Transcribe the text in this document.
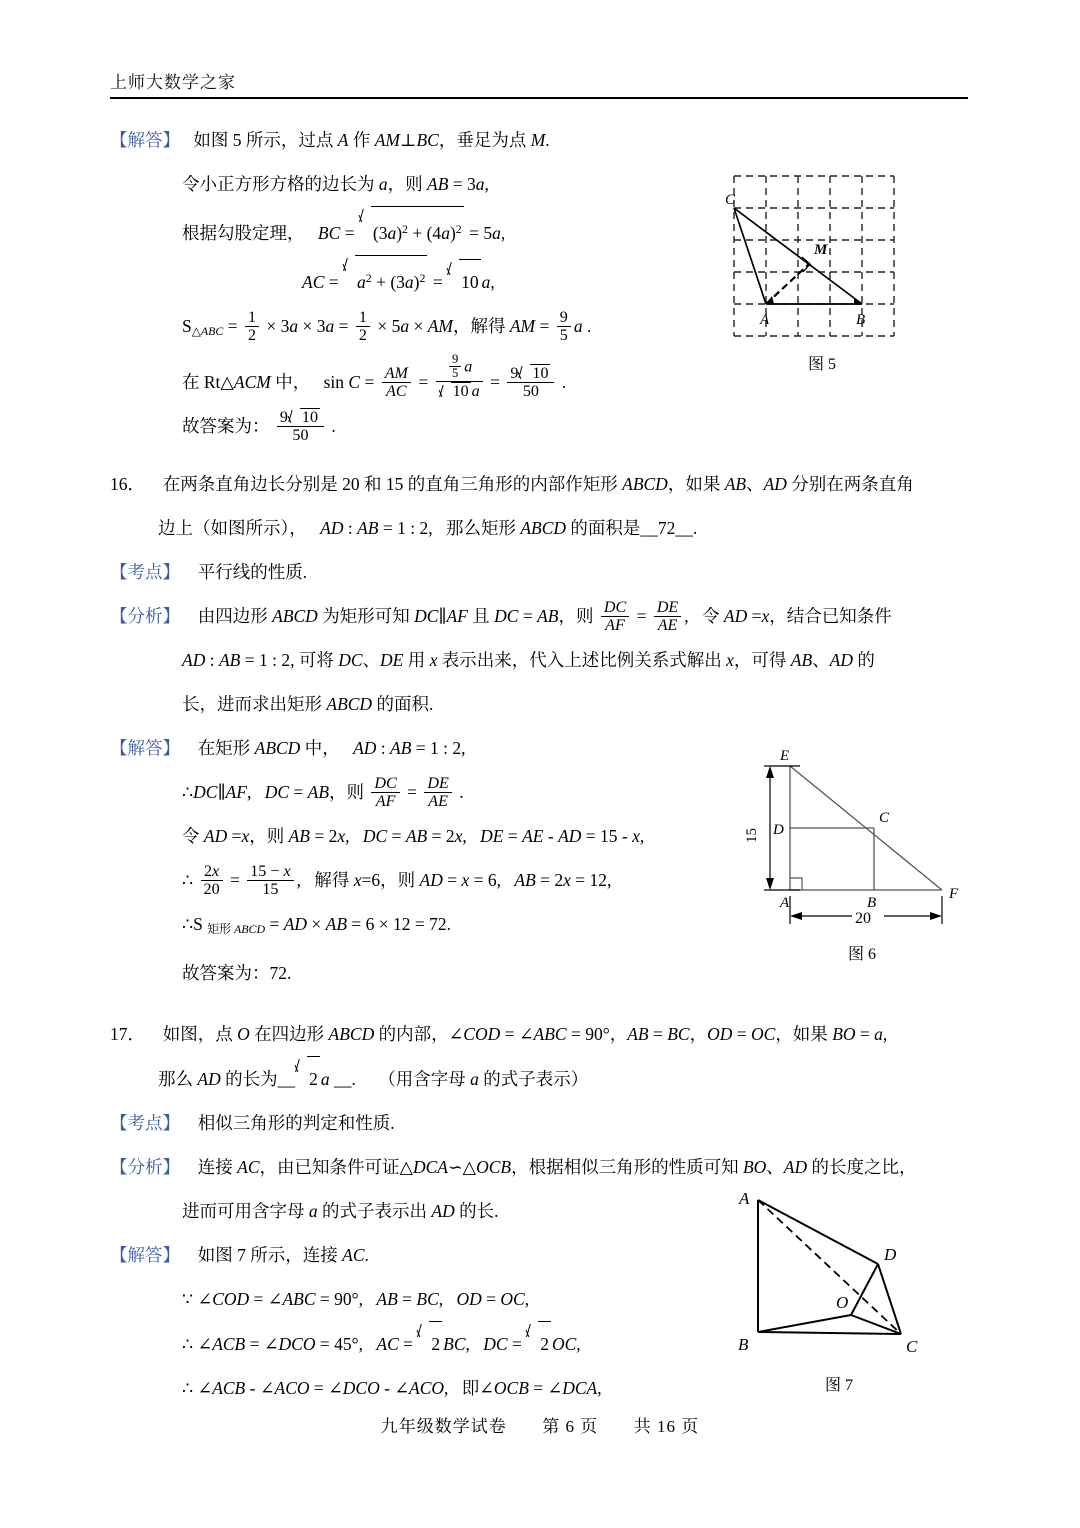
上师大数学之家
【解答】 如图 5 所示，过点 A 作 AM⊥BC，垂足为点 M.
令小正方形方格的边长为 a，则 AB = 3a,
根据勾股定理， BC = $(3a)^2 + (4a)^2 = 5a$,
AC = $a^2 + (3a)^2 = 10$ a,
$S_{\triangle ABC} = \frac{1}{2} \times 3a \times 3a = \frac{1}{2} \times 5a$ × AM，解得 AM = $\frac{9}{5}$ a .
在 Rt△ACM 中， $\sin C = \frac{AM}{AC} = \frac{\frac{9}{5} a}{10 a} = \frac{9 10}{50}$ .
故答案为： $\frac{9 10}{50}$ .
C
M
A	B
图 5
16． 在两条直角边长分别是 20 和 15 的直角三角形的内部作矩形 ABCD，如果 AB、AD 分别在两条直角
边上（如图所示）， AD : AB = 1 : 2, 那么矩形 ABCD 的面积是__72__.
【考点】 平行线的性质.
【分析】 由四边形 ABCD 为矩形可知 DC∥AF 且 DC = AB，则 $\frac{DC}{AF} = \frac{DE}{AE}$ , 令 AD =x，结合已知条件
AD : AB = 1 : 2, 可将 DC、DE 用 x 表示出来，代入上述比例关系式解出 x，可得 AB、AD 的
长，进而求出矩形 ABCD 的面积.
【解答】 在矩形 ABCD 中， AD : AB = 1 : 2,
∴DC∥AF, DC = AB，则 $\frac{DC}{AF} = \frac{DE}{AE}$ .
令 AD =x，则 AB = 2x, DC = AB = 2x, DE = AE - AD = 15 - x,
∴ $\frac{2x}{20} = \frac{15 - x}{15}$ , 解得 x=6，则 AD = x = 6, AB = 2x = 12,
∴S $_{矩形 ABCD}$ = AD × AB = 6 × 12 = 72.
故答案为：72.
15
20
E
D
C
A	B
F
图 6
17． 如图，点 O 在四边形 ABCD 的内部，∠COD = ∠ABC = 90°，AB = BC，OD = OC，如果 BO = a,
那么 AD 的长为__ 2 a __. （用含字母 a 的式子表示）
【考点】 相似三角形的判定和性质.
【分析】 连接 AC，由已知条件可证△DCA∽△OCB，根据相似三角形的性质可知 BO、AD 的长度之比，
进而可用含字母 a 的式子表示出 AD 的长.
【解答】 如图 7 所示，连接 AC.
∵ ∠COD = ∠ABC = 90°, AB = BC, OD = OC,
∴ ∠ACB = ∠DCO = 45°, AC = 2 BC, DC = 2 OC,
∴ ∠ACB - ∠ACO = ∠DCO - ∠ACO, 即∠OCB = ∠DCA,
A
D
O
B	C
图 7
九年级数学试卷 第 6 页 共 16 页
